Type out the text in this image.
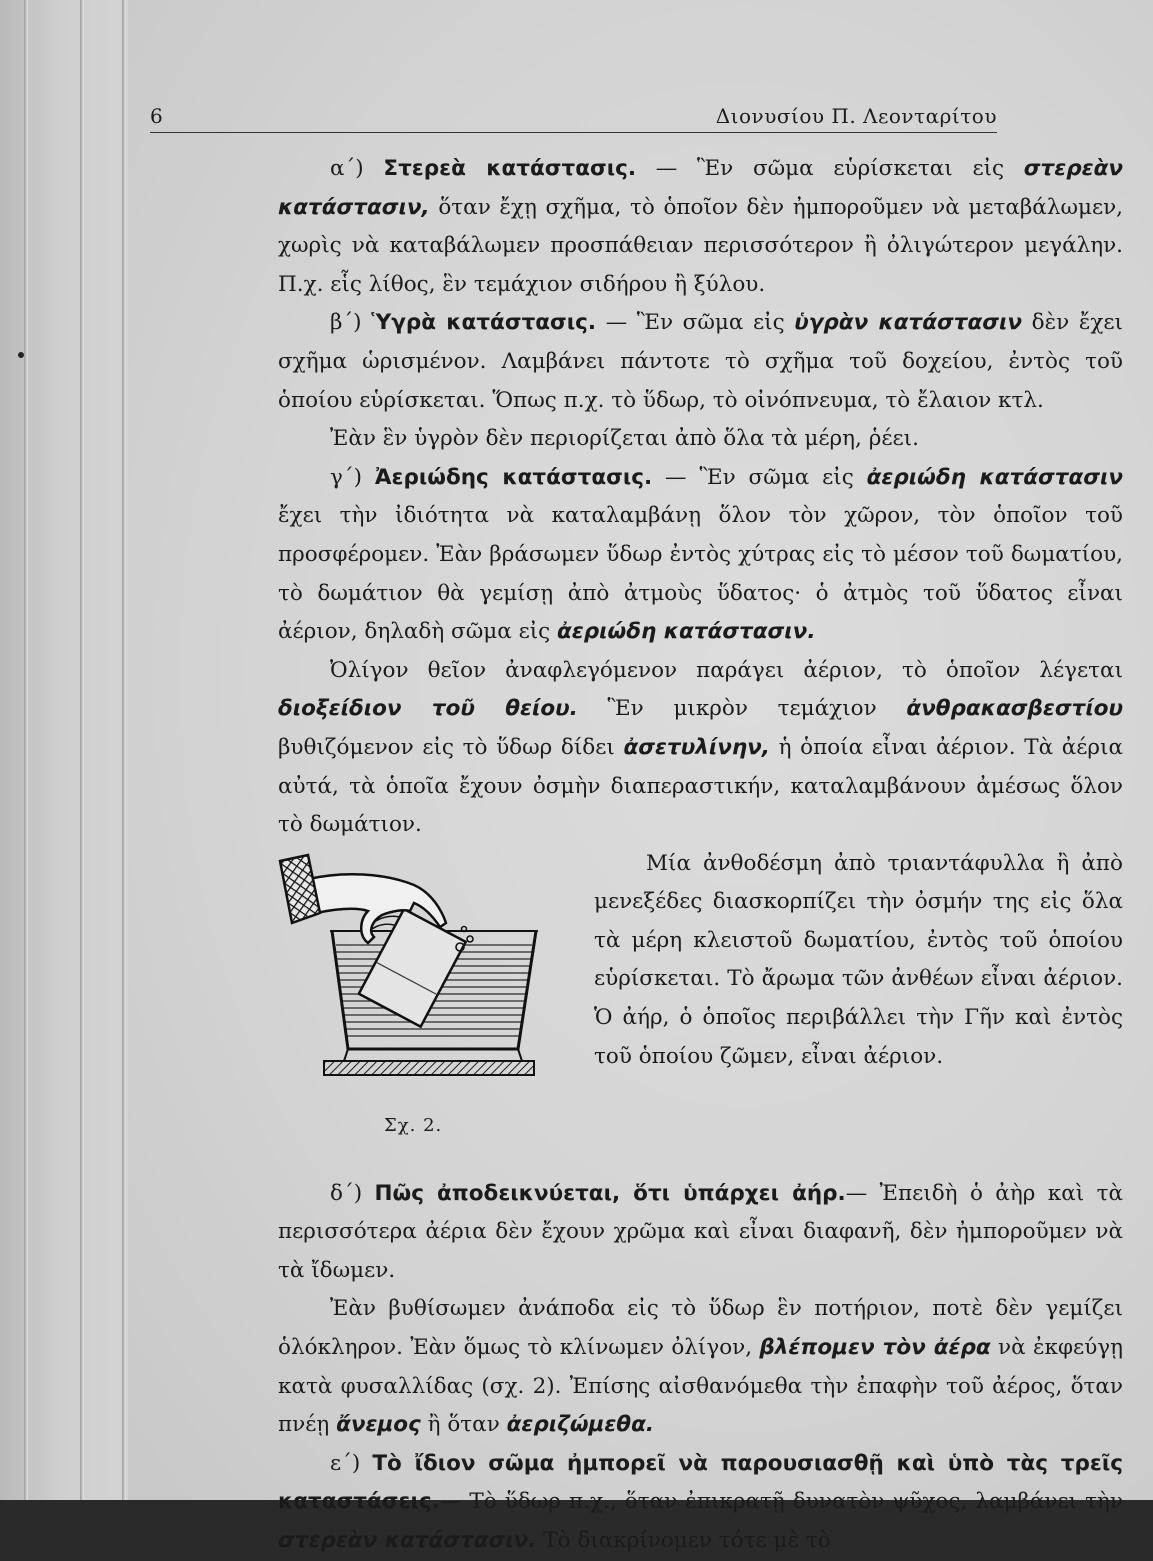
6	Διονυσίου Π. Λεονταρίτου

α΄) Στερεὰ κατάστασις. — Ἓν σῶμα εὑρίσκεται εἰς στερεὰν κατάστασιν, ὅταν ἔχῃ σχῆμα, τὸ ὁποῖον δὲν ἠμποροῦμεν νὰ μεταβάλωμεν, χωρὶς νὰ καταβάλωμεν προσπάθειαν περισσότερον ἢ ὀλιγώτερον μεγάλην. Π.χ. εἷς λίθος, ἓν τεμάχιον σιδήρου ἢ ξύλου.

β΄) Ὑγρὰ κατάστασις. — Ἓν σῶμα εἰς ὑγρὰν κατάστασιν δὲν ἔχει σχῆμα ὡρισμένον. Λαμβάνει πάντοτε τὸ σχῆμα τοῦ δοχείου, ἐντὸς τοῦ ὁποίου εὑρίσκεται. Ὅπως π.χ. τὸ ὕδωρ, τὸ οἰνόπνευμα, τὸ ἔλαιον κτλ.

Ἐὰν ἓν ὑγρὸν δὲν περιορίζεται ἀπὸ ὅλα τὰ μέρη, ῥέει.

γ΄) Ἀεριώδης κατάστασις. — Ἓν σῶμα εἰς ἀεριώδη κατάστασιν ἔχει τὴν ἰδιότητα νὰ καταλαμβάνῃ ὅλον τὸν χῶρον, τὸν ὁποῖον τοῦ προσφέρομεν. Ἐὰν βράσωμεν ὕδωρ ἐντὸς χύτρας εἰς τὸ μέσον τοῦ δωματίου, τὸ δωμάτιον θὰ γεμίσῃ ἀπὸ ἀτμοὺς ὕδατος· ὁ ἀτμὸς τοῦ ὕδατος εἶναι ἀέριον, δηλαδὴ σῶμα εἰς ἀεριώδη κατάστασιν.

Ὀλίγον θεῖον ἀναφλεγόμενον παράγει ἀέριον, τὸ ὁποῖον λέγεται διοξείδιον τοῦ θείου. Ἓν μικρὸν τεμάχιον ἀνθρακασβεστίου βυθιζόμενον εἰς τὸ ὕδωρ δίδει ἀσετυλίνην, ἡ ὁποία εἶναι ἀέριον. Τὰ ἀέρια αὐτά, τὰ ὁποῖα ἔχουν ὀσμὴν διαπεραστικήν, καταλαμβάνουν ἀμέσως ὅλον τὸ δωμάτιον.

Σχ. 2.

Μία ἀνθοδέσμη ἀπὸ τριαντάφυλλα ἢ ἀπὸ μενεξέδες διασκορπίζει τὴν ὀσμήν της εἰς ὅλα τὰ μέρη κλειστοῦ δωματίου, ἐντὸς τοῦ ὁποίου εὑρίσκεται. Τὸ ἄρωμα τῶν ἀνθέων εἶναι ἀέριον. Ὁ ἀήρ, ὁ ὁποῖος περιβάλλει τὴν Γῆν καὶ ἐντὸς τοῦ ὁποίου ζῶμεν, εἶναι ἀέριον.

δ΄) Πῶς ἀποδεικνύεται, ὅτι ὑπάρχει ἀήρ.— Ἐπειδὴ ὁ ἀὴρ καὶ τὰ περισσότερα ἀέρια δὲν ἔχουν χρῶμα καὶ εἶναι διαφανῆ, δὲν ἠμποροῦμεν νὰ τὰ ἴδωμεν.

Ἐὰν βυθίσωμεν ἀνάποδα εἰς τὸ ὕδωρ ἓν ποτήριον, ποτὲ δὲν γεμίζει ὁλόκληρον. Ἐὰν ὅμως τὸ κλίνωμεν ὀλίγον, βλέπομεν τὸν ἀέρα νὰ ἐκφεύγῃ κατὰ φυσαλλίδας (σχ. 2). Ἐπίσης αἰσθανόμεθα τὴν ἐπαφὴν τοῦ ἀέρος, ὅταν πνέῃ ἄνεμος ἢ ὅταν ἀεριζώμεθα.

ε΄) Τὸ ἴδιον σῶμα ἠμπορεῖ νὰ παρουσιασθῇ καὶ ὑπὸ τὰς τρεῖς καταστάσεις.— Τὸ ὕδωρ π.χ., ὅταν ἐπικρατῇ δυνατὸν ψῦχος, λαμβάνει τὴν στερεὰν κατάστασιν. Τὸ διακρίνομεν τότε μὲ τὸ
